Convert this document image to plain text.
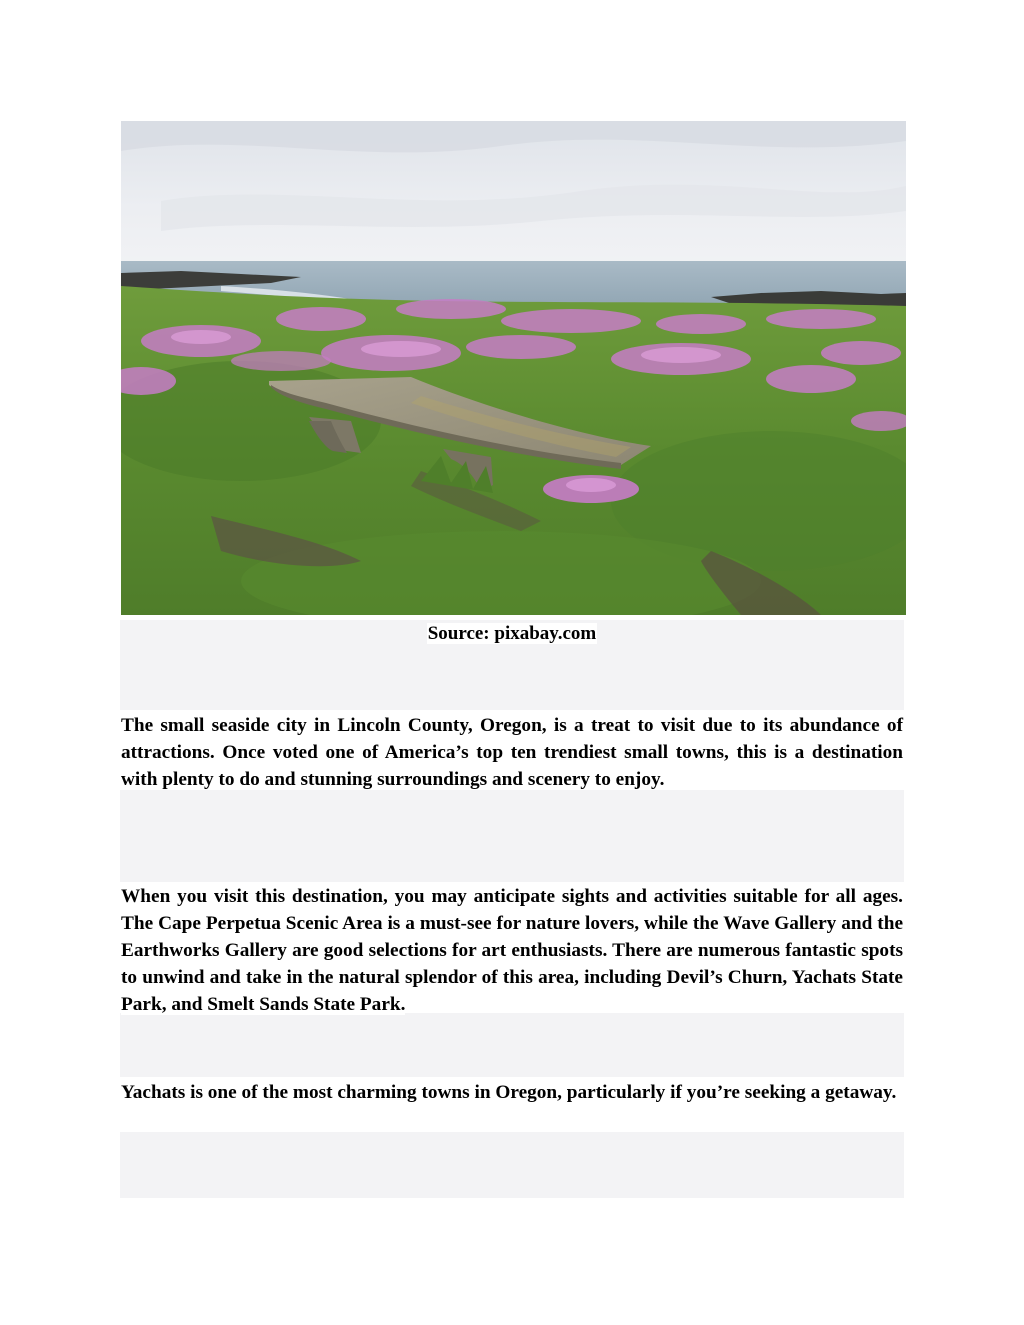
Source: pixabay.com

The small seaside city in Lincoln County, Oregon, is a treat to visit due to its abundance of attractions. Once voted one of America’s top ten trendiest small towns, this is a destination with plenty to do and stunning surroundings and scenery to enjoy.

When you visit this destination, you may anticipate sights and activities suitable for all ages. The Cape Perpetua Scenic Area is a must-see for nature lovers, while the Wave Gallery and the Earthworks Gallery are good selections for art enthusiasts. There are numerous fantastic spots to unwind and take in the natural splendor of this area, including Devil’s Churn, Yachats State Park, and Smelt Sands State Park.

Yachats is one of the most charming towns in Oregon, particularly if you’re seeking a getaway.
